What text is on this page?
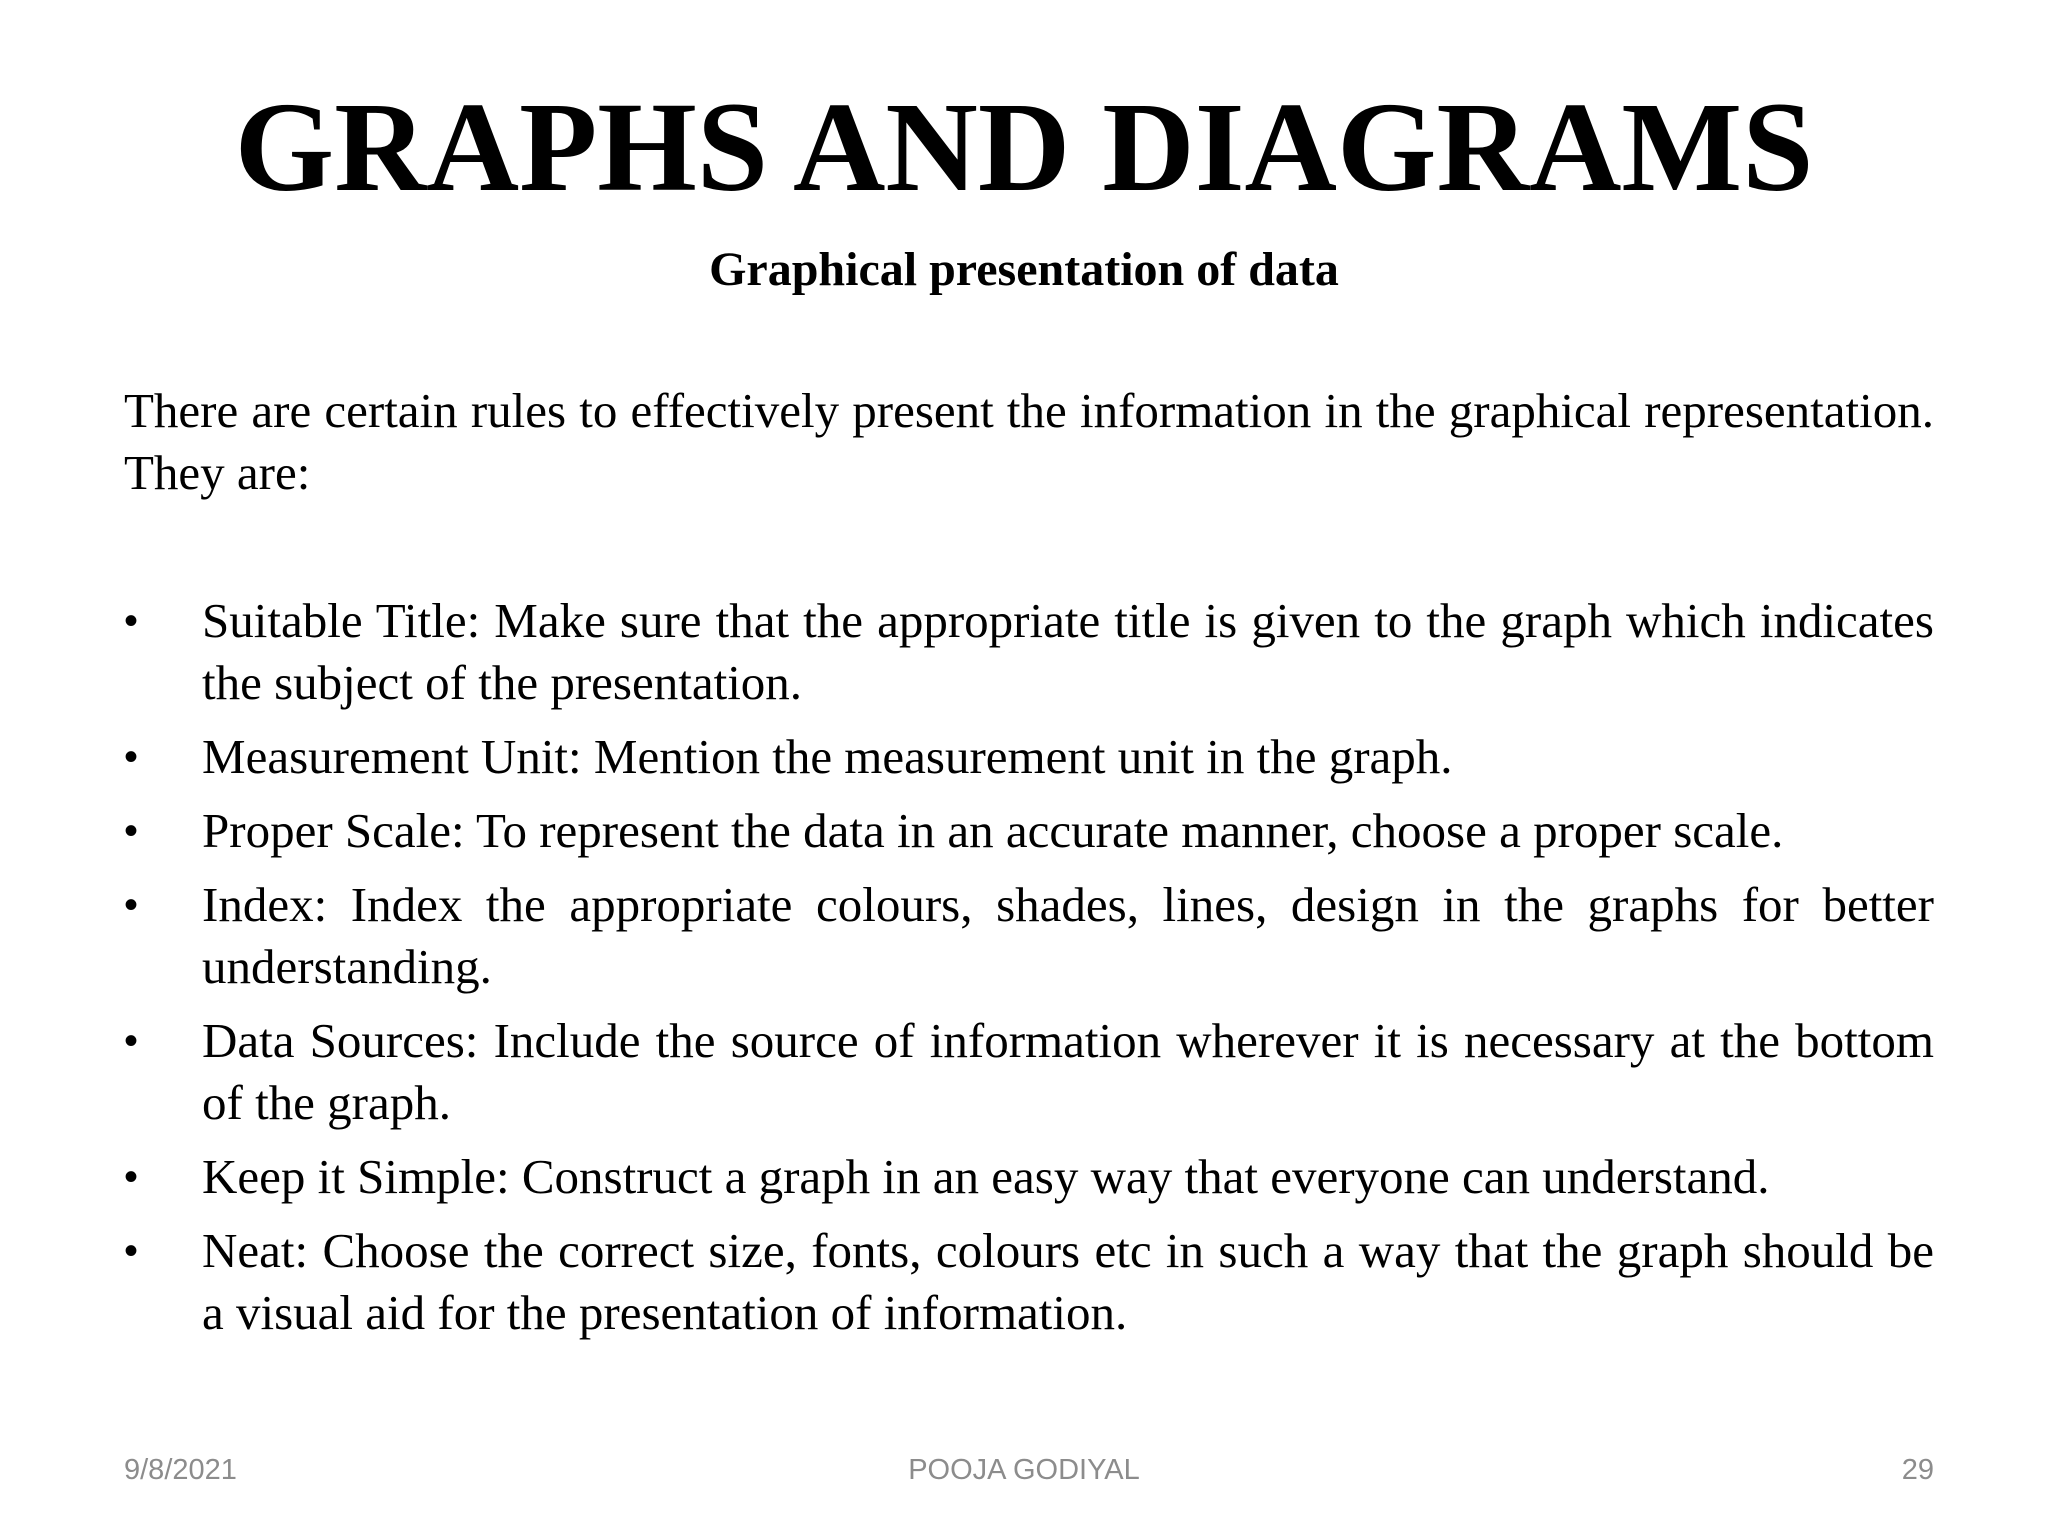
GRAPHS AND DIAGRAMS
Graphical presentation of data

There are certain rules to effectively present the information in the graphical representation. They are:

•	Suitable Title: Make sure that the appropriate title is given to the graph which indicates the subject of the presentation.
•	Measurement Unit: Mention the measurement unit in the graph.
•	Proper Scale: To represent the data in an accurate manner, choose a proper scale.
•	Index: Index the appropriate colours, shades, lines, design in the graphs for better understanding.
•	Data Sources: Include the source of information wherever it is necessary at the bottom of the graph.
•	Keep it Simple: Construct a graph in an easy way that everyone can understand.
•	Neat: Choose the correct size, fonts, colours etc in such a way that the graph should be a visual aid for the presentation of information.
9/8/2021	POOJA GODIYAL	29
